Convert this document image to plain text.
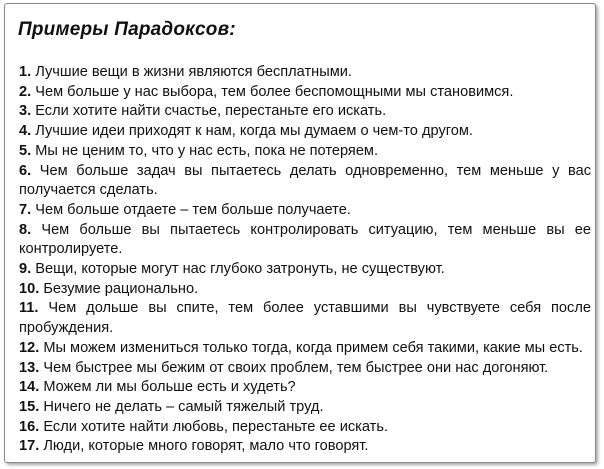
Примеры Парадоксов:
1. Лучшие вещи в жизни являются бесплатными.
2. Чем больше у нас выбора, тем более беспомощными мы становимся.
3. Если хотите найти счастье, перестаньте его искать.
4. Лучшие идеи приходят к нам, когда мы думаем о чем-то другом.
5. Мы не ценим то, что у нас есть, пока не потеряем.
6. Чем больше задач вы пытаетесь делать одновременно, тем меньше у вас получается сделать.
7. Чем больше отдаете – тем больше получаете.
8. Чем больше вы пытаетесь контролировать ситуацию, тем меньше вы ее контролируете.
9. Вещи, которые могут нас глубоко затронуть, не существуют.
10. Безумие рационально.
11. Чем дольше вы спите, тем более уставшими вы чувствуете себя после пробуждения.
12. Мы можем измениться только тогда, когда примем себя такими, какие мы есть.
13. Чем быстрее мы бежим от своих проблем, тем быстрее они нас догоняют.
14. Можем ли мы больше есть и худеть?
15. Ничего не делать – самый тяжелый труд.
16. Если хотите найти любовь, перестаньте ее искать.
17. Люди, которые много говорят, мало что говорят.
